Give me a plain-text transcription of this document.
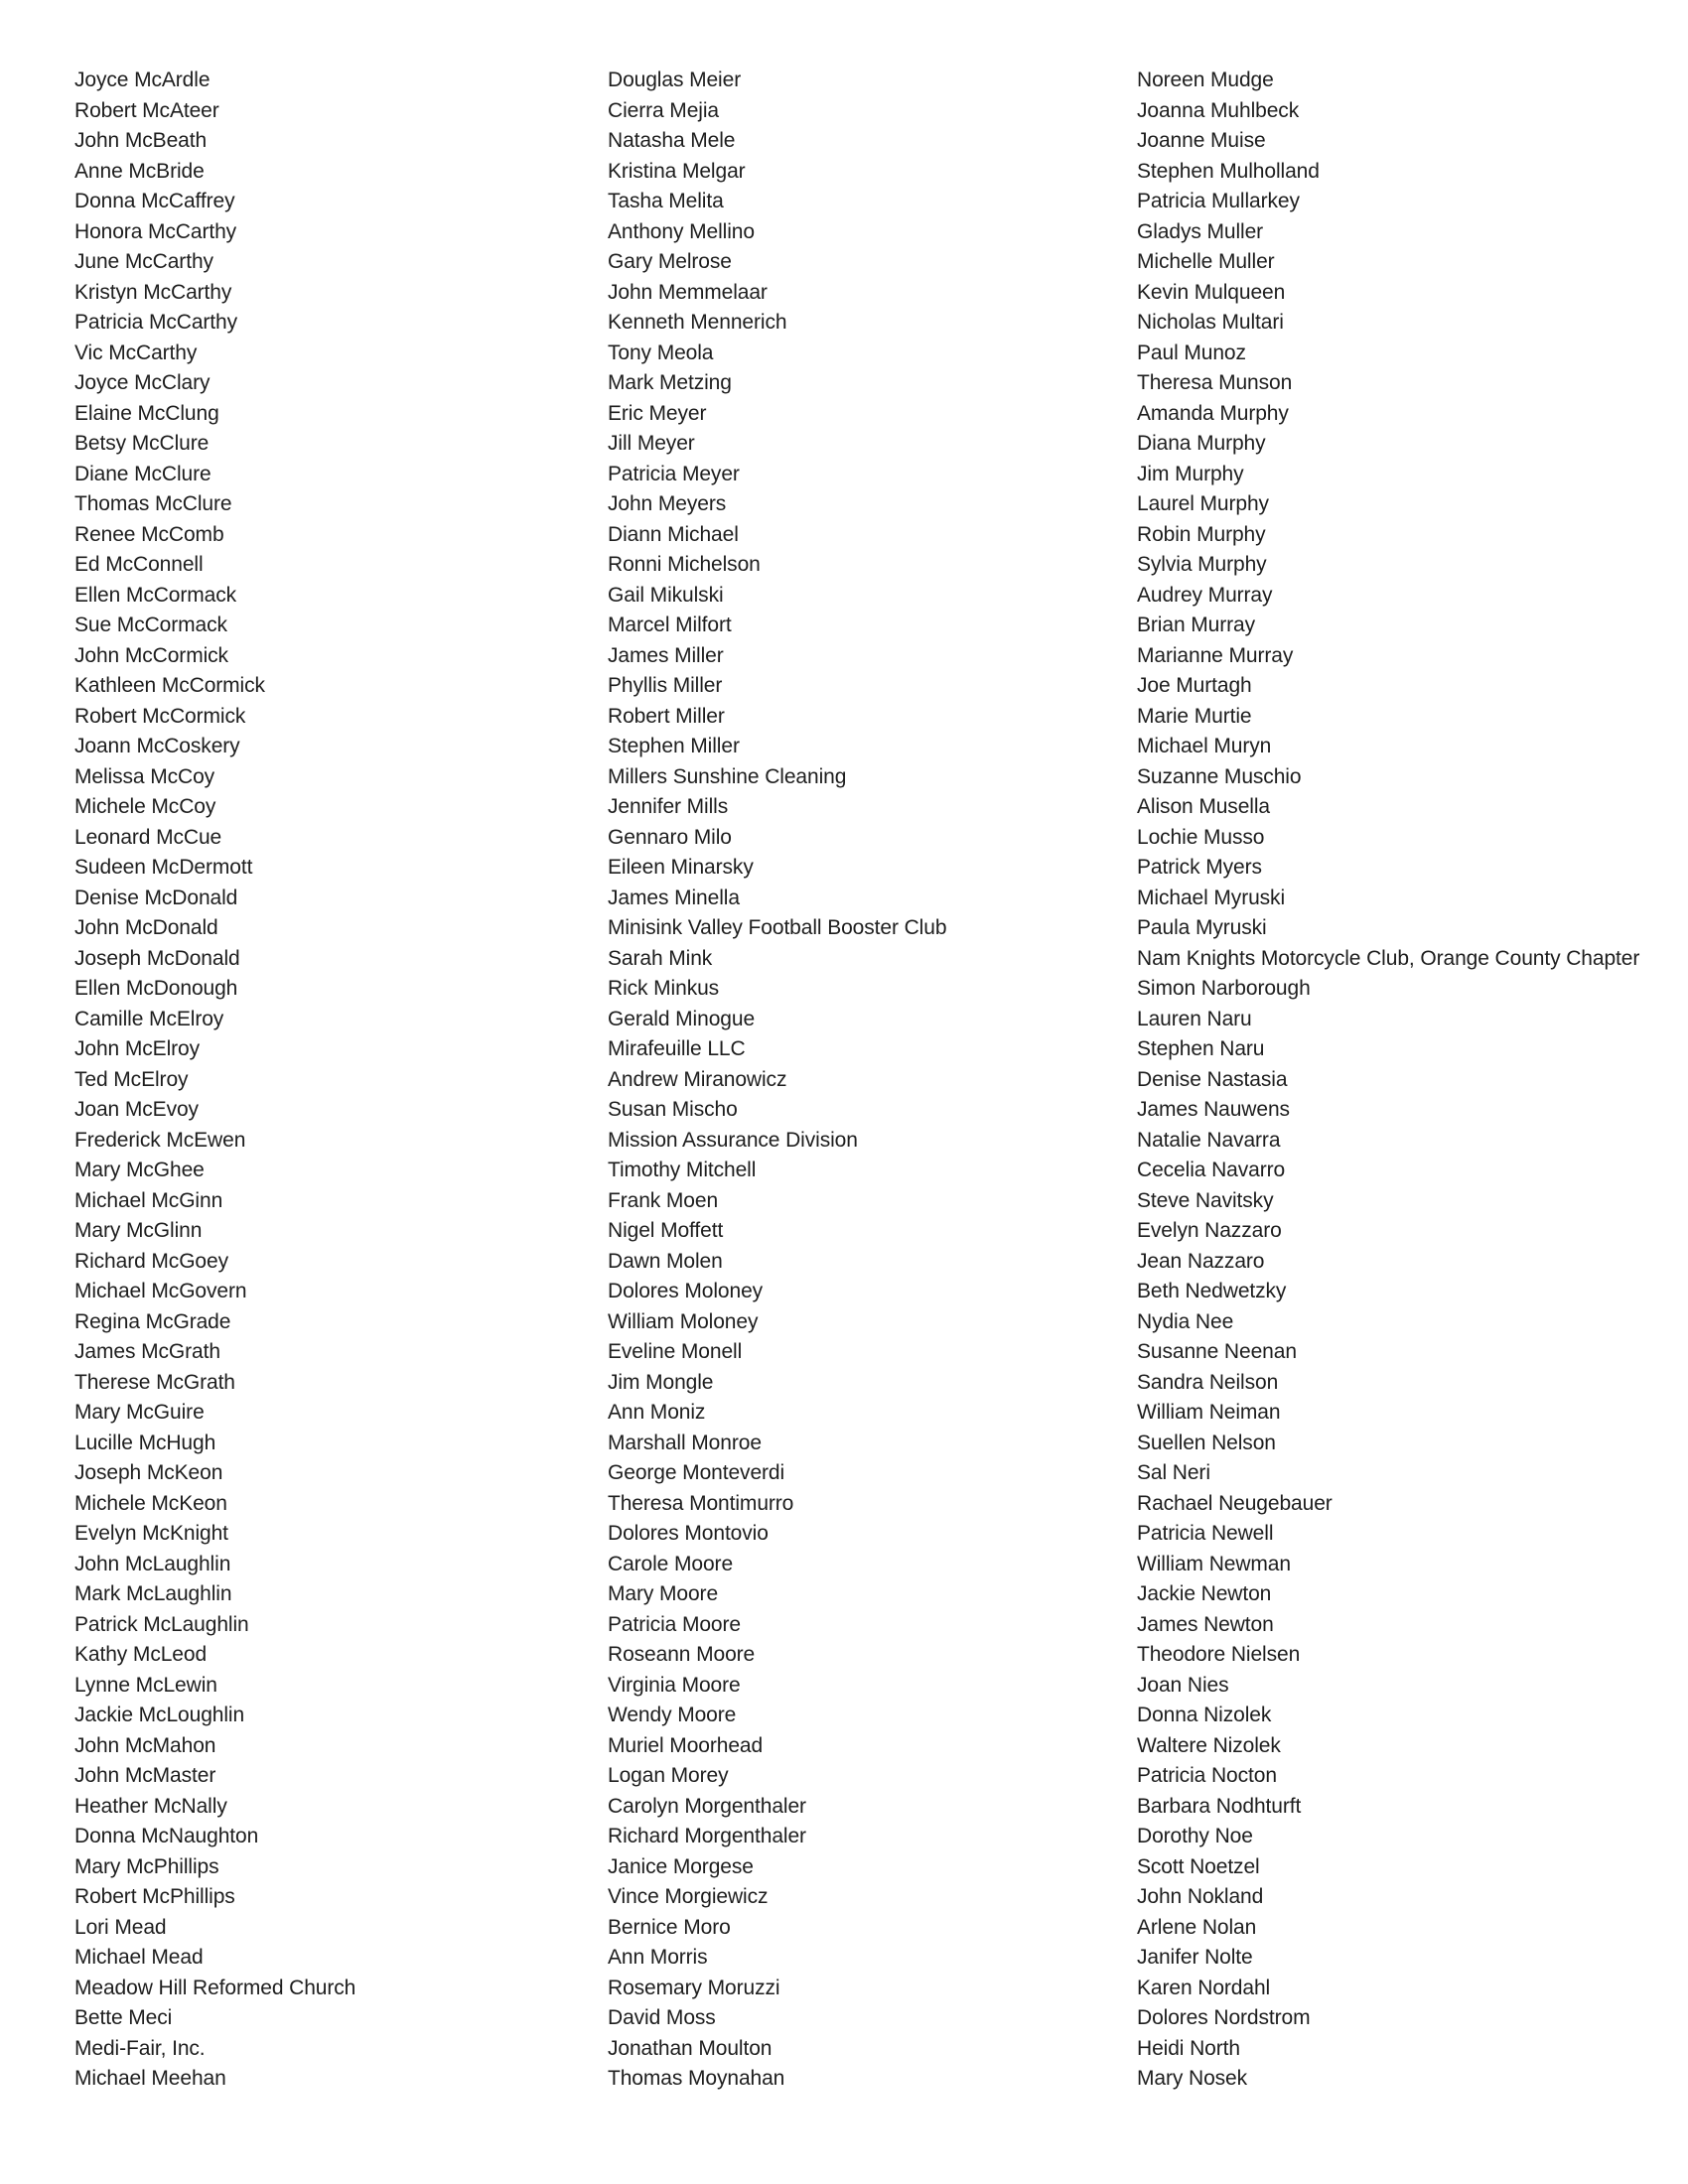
Joyce McArdle
Robert McAteer
John McBeath
Anne McBride
Donna McCaffrey
Honora McCarthy
June McCarthy
Kristyn McCarthy
Patricia McCarthy
Vic McCarthy
Joyce McClary
Elaine McClung
Betsy McClure
Diane McClure
Thomas McClure
Renee McComb
Ed McConnell
Ellen McCormack
Sue McCormack
John McCormick
Kathleen McCormick
Robert McCormick
Joann McCoskery
Melissa McCoy
Michele McCoy
Leonard McCue
Sudeen McDermott
Denise McDonald
John McDonald
Joseph McDonald
Ellen McDonough
Camille McElroy
John McElroy
Ted McElroy
Joan McEvoy
Frederick McEwen
Mary McGhee
Michael McGinn
Mary McGlinn
Richard McGoey
Michael McGovern
Regina McGrade
James McGrath
Therese McGrath
Mary McGuire
Lucille McHugh
Joseph McKeon
Michele McKeon
Evelyn McKnight
John McLaughlin
Mark McLaughlin
Patrick McLaughlin
Kathy McLeod
Lynne McLewin
Jackie McLoughlin
John McMahon
John McMaster
Heather McNally
Donna McNaughton
Mary McPhillips
Robert McPhillips
Lori Mead
Michael Mead
Meadow Hill Reformed Church
Bette Meci
Medi-Fair, Inc.
Michael Meehan
Douglas Meier
Cierra Mejia
Natasha Mele
Kristina Melgar
Tasha Melita
Anthony Mellino
Gary Melrose
John Memmelaar
Kenneth Mennerich
Tony Meola
Mark Metzing
Eric Meyer
Jill Meyer
Patricia Meyer
John Meyers
Diann Michael
Ronni Michelson
Gail Mikulski
Marcel Milfort
James Miller
Phyllis Miller
Robert Miller
Stephen Miller
Millers Sunshine Cleaning
Jennifer Mills
Gennaro Milo
Eileen Minarsky
James Minella
Minisink Valley Football Booster Club
Sarah Mink
Rick Minkus
Gerald Minogue
Mirafeuille LLC
Andrew Miranowicz
Susan Mischo
Mission Assurance Division
Timothy Mitchell
Frank Moen
Nigel Moffett
Dawn Molen
Dolores Moloney
William Moloney
Eveline Monell
Jim Mongle
Ann Moniz
Marshall Monroe
George Monteverdi
Theresa Montimurro
Dolores Montovio
Carole Moore
Mary Moore
Patricia Moore
Roseann Moore
Virginia Moore
Wendy Moore
Muriel Moorhead
Logan Morey
Carolyn Morgenthaler
Richard Morgenthaler
Janice Morgese
Vince Morgiewicz
Bernice Moro
Ann Morris
Rosemary Moruzzi
David Moss
Jonathan Moulton
Thomas Moynahan
Noreen Mudge
Joanna Muhlbeck
Joanne Muise
Stephen Mulholland
Patricia Mullarkey
Gladys Muller
Michelle Muller
Kevin Mulqueen
Nicholas Multari
Paul Munoz
Theresa Munson
Amanda Murphy
Diana Murphy
Jim Murphy
Laurel Murphy
Robin Murphy
Sylvia Murphy
Audrey Murray
Brian Murray
Marianne Murray
Joe Murtagh
Marie Murtie
Michael Muryn
Suzanne Muschio
Alison Musella
Lochie Musso
Patrick Myers
Michael Myruski
Paula Myruski
Nam Knights Motorcycle Club, Orange County Chapter
Simon Narborough
Lauren Naru
Stephen Naru
Denise Nastasia
James Nauwens
Natalie Navarra
Cecelia Navarro
Steve Navitsky
Evelyn Nazzaro
Jean Nazzaro
Beth Nedwetzky
Nydia Nee
Susanne Neenan
Sandra Neilson
William Neiman
Suellen Nelson
Sal Neri
Rachael Neugebauer
Patricia Newell
William Newman
Jackie Newton
James Newton
Theodore Nielsen
Joan Nies
Donna Nizolek
Waltere Nizolek
Patricia Nocton
Barbara Nodhturft
Dorothy Noe
Scott Noetzel
John Nokland
Arlene Nolan
Janifer Nolte
Karen Nordahl
Dolores Nordstrom
Heidi North
Mary Nosek
